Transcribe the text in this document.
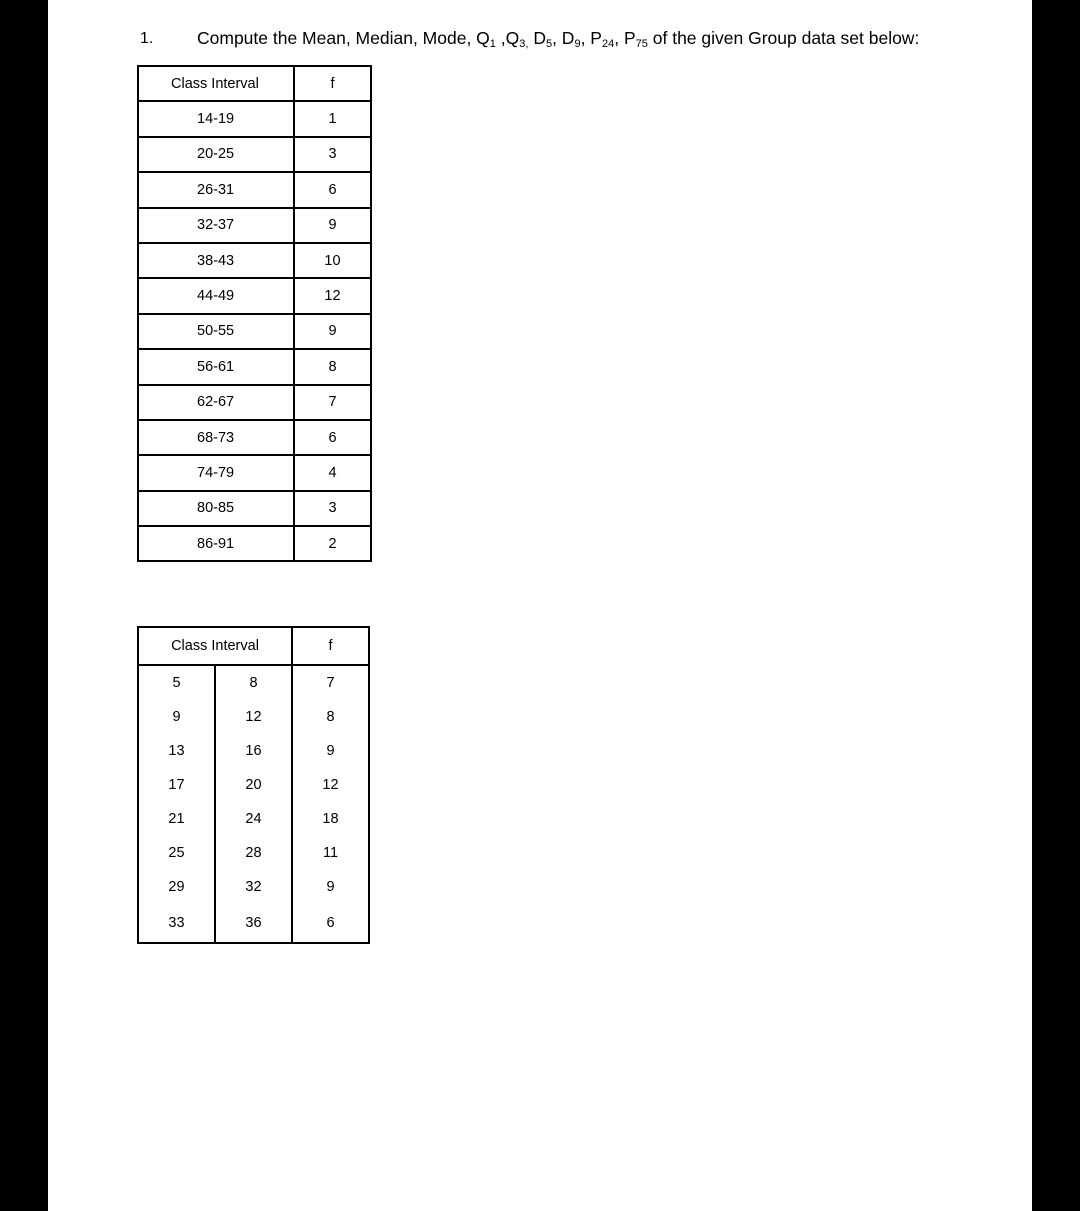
1. Compute the Mean, Median, Mode, $Q_1$ $,Q_{3,}$ $D_5$, $D_9$, $P_{24}$, $P_{75}$ of the given Group data set below:
Class Interval	f
14-19	1
20-25	3
26-31	6
32-37	9
38-43	10
44-49	12
50-55	9
56-61	8
62-67	7
68-73	6
74-79	4
80-85	3
86-91	2
Class Interval		f
5	8	7
9	12	8
13	16	9
17	20	12
21	24	18
25	28	11
29	32	9
33	36	6
